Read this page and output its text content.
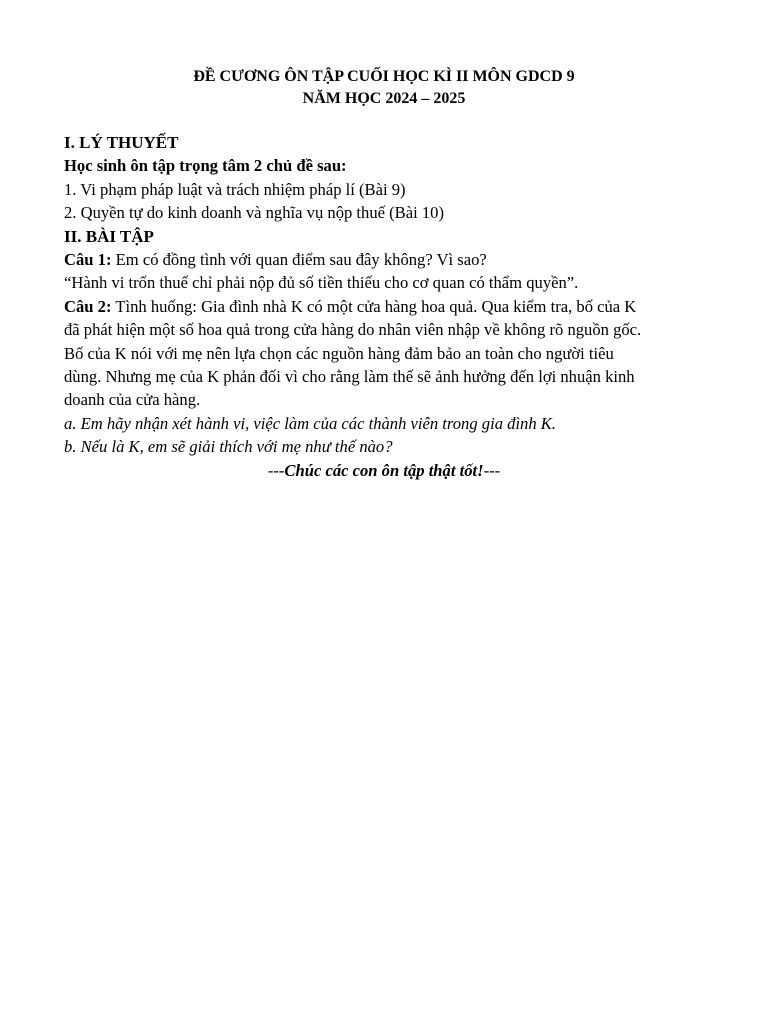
ĐỀ CƯƠNG ÔN TẬP CUỐI HỌC KÌ II MÔN GDCD 9

NĂM HỌC 2024 – 2025

I. LÝ THUYẾT

Học sinh ôn tập trọng tâm 2 chủ đề sau:

1. Vi phạm pháp luật và trách nhiệm pháp lí (Bài 9)

2. Quyền tự do kinh doanh và nghĩa vụ nộp thuế (Bài 10)

II. BÀI TẬP

Câu 1: Em có đồng tình với quan điểm sau đây không? Vì sao?

“Hành vi trốn thuế chỉ phải nộp đủ số tiền thiếu cho cơ quan có thẩm quyền”.

Câu 2: Tình huống: Gia đình nhà K có một cửa hàng hoa quả. Qua kiểm tra, bố của K

đã phát hiện một số hoa quả trong cửa hàng do nhân viên nhập về không rõ nguồn gốc.

Bố của K nói với mẹ nên lựa chọn các nguồn hàng đảm bảo an toàn cho người tiêu

dùng. Nhưng mẹ của K phản đối vì cho rằng làm thế sẽ ảnh hưởng đến lợi nhuận kinh

doanh của cửa hàng.

a. Em hãy nhận xét hành vi, việc làm của các thành viên trong gia đình K.

b. Nếu là K, em sẽ giải thích với mẹ như thế nào?

---Chúc các con ôn tập thật tốt!---
